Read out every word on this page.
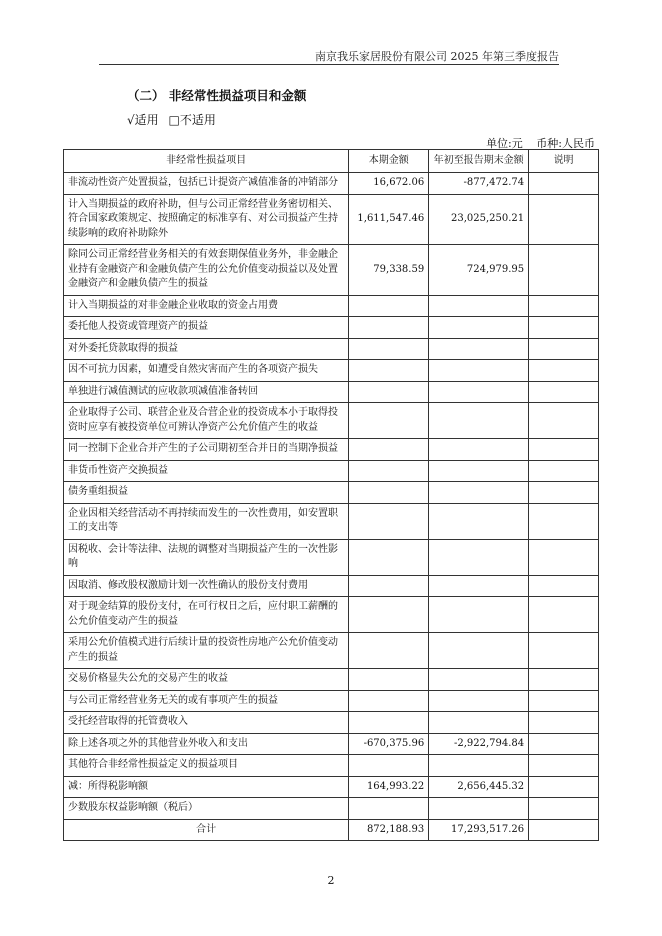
南京我乐家居股份有限公司 2025 年第三季度报告
（二） 非经常性损益项目和金额
√适用 □不适用
单位:元 币种:人民币
非经常性损益项目	本期金额	年初至报告期末金额	说明
非流动性资产处置损益，包括已计提资产减值准备的冲销部分	16,672.06	-877,472.74	
计入当期损益的政府补助，但与公司正常经营业务密切相关、符合国家政策规定、按照确定的标准享有、对公司损益产生持续影响的政府补助除外	1,611,547.46	23,025,250.21	
除同公司正常经营业务相关的有效套期保值业务外，非金融企业持有金融资产和金融负债产生的公允价值变动损益以及处置金融资产和金融负债产生的损益	79,338.59	724,979.95	
计入当期损益的对非金融企业收取的资金占用费			
委托他人投资或管理资产的损益			
对外委托贷款取得的损益			
因不可抗力因素，如遭受自然灾害而产生的各项资产损失			
单独进行减值测试的应收款项减值准备转回			
企业取得子公司、联营企业及合营企业的投资成本小于取得投资时应享有被投资单位可辨认净资产公允价值产生的收益			
同一控制下企业合并产生的子公司期初至合并日的当期净损益			
非货币性资产交换损益			
债务重组损益			
企业因相关经营活动不再持续而发生的一次性费用，如安置职工的支出等			
因税收、会计等法律、法规的调整对当期损益产生的一次性影响			
因取消、修改股权激励计划一次性确认的股份支付费用			
对于现金结算的股份支付，在可行权日之后，应付职工薪酬的公允价值变动产生的损益			
采用公允价值模式进行后续计量的投资性房地产公允价值变动产生的损益			
交易价格显失公允的交易产生的收益			
与公司正常经营业务无关的或有事项产生的损益			
受托经营取得的托管费收入			
除上述各项之外的其他营业外收入和支出	-670,375.96	-2,922,794.84	
其他符合非经常性损益定义的损益项目			
减：所得税影响额	164,993.22	2,656,445.32	
少数股东权益影响额（税后）			
合计	872,188.93	17,293,517.26	
2
